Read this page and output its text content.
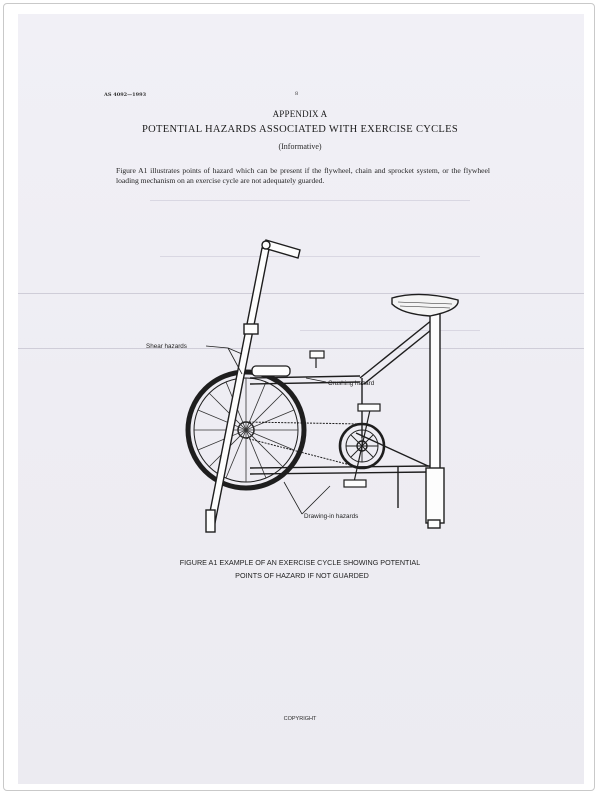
AS 4092—1993	8
APPENDIX A
POTENTIAL HAZARDS ASSOCIATED WITH EXERCISE CYCLES
(Informative)
Figure A1 illustrates points of hazard which can be present if the flywheel, chain and sprocket system, or the flywheel loading mechanism on an exercise cycle are not adequately guarded.
Shear hazards
Crushing hazard
Drawing-in hazards
FIGURE A1 EXAMPLE OF AN EXERCISE CYCLE SHOWING POTENTIAL
POINTS OF HAZARD IF NOT GUARDED
COPYRIGHT
